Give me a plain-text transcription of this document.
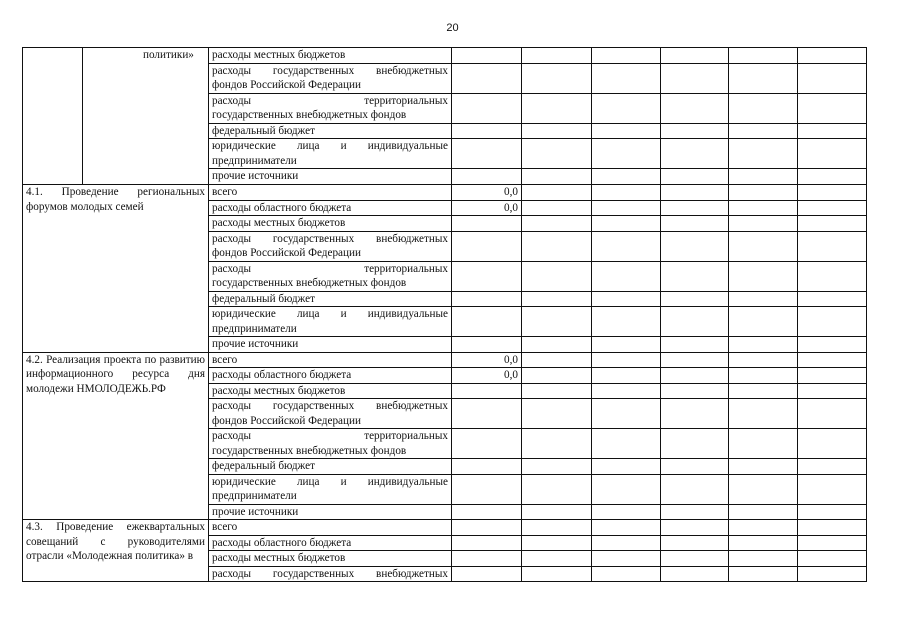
20
	политики»	расходы местных бюджетов						
		расходы государственных внебюджетных фондов Российской Федерации						

		расходы территориальных
государственных внебюджетных фондов						

		федеральный бюджет						

		юридические лица и индивидуальные
предприниматели						

		прочие источники						
4.1. Проведение региональных форумов молодых семей	всего	0,0					
	расходы областного бюджета	0,0					
	расходы местных бюджетов						
	расходы государственных внебюджетных фондов Российской Федерации						

	расходы территориальных
государственных внебюджетных фондов						

	федеральный бюджет						

	юридические лица и индивидуальные
предприниматели						

	прочие источники						
4.2. Реализация проекта по развитию информационного ресурса дня молодежи НМОЛОДЕЖЬ.РФ	всего	0,0					
	расходы областного бюджета	0,0					
	расходы местных бюджетов						
	расходы государственных внебюджетных фондов Российской Федерации						

	расходы территориальных
государственных внебюджетных фондов						

	федеральный бюджет						

	юридические лица и индивидуальные
предприниматели						

	прочие источники						
4.3. Проведение ежеквартальных совещаний с руководителями отрасли «Молодежная политика» в	всего						
	расходы областного бюджета						
	расходы местных бюджетов						
	расходы государственных внебюджетных						
